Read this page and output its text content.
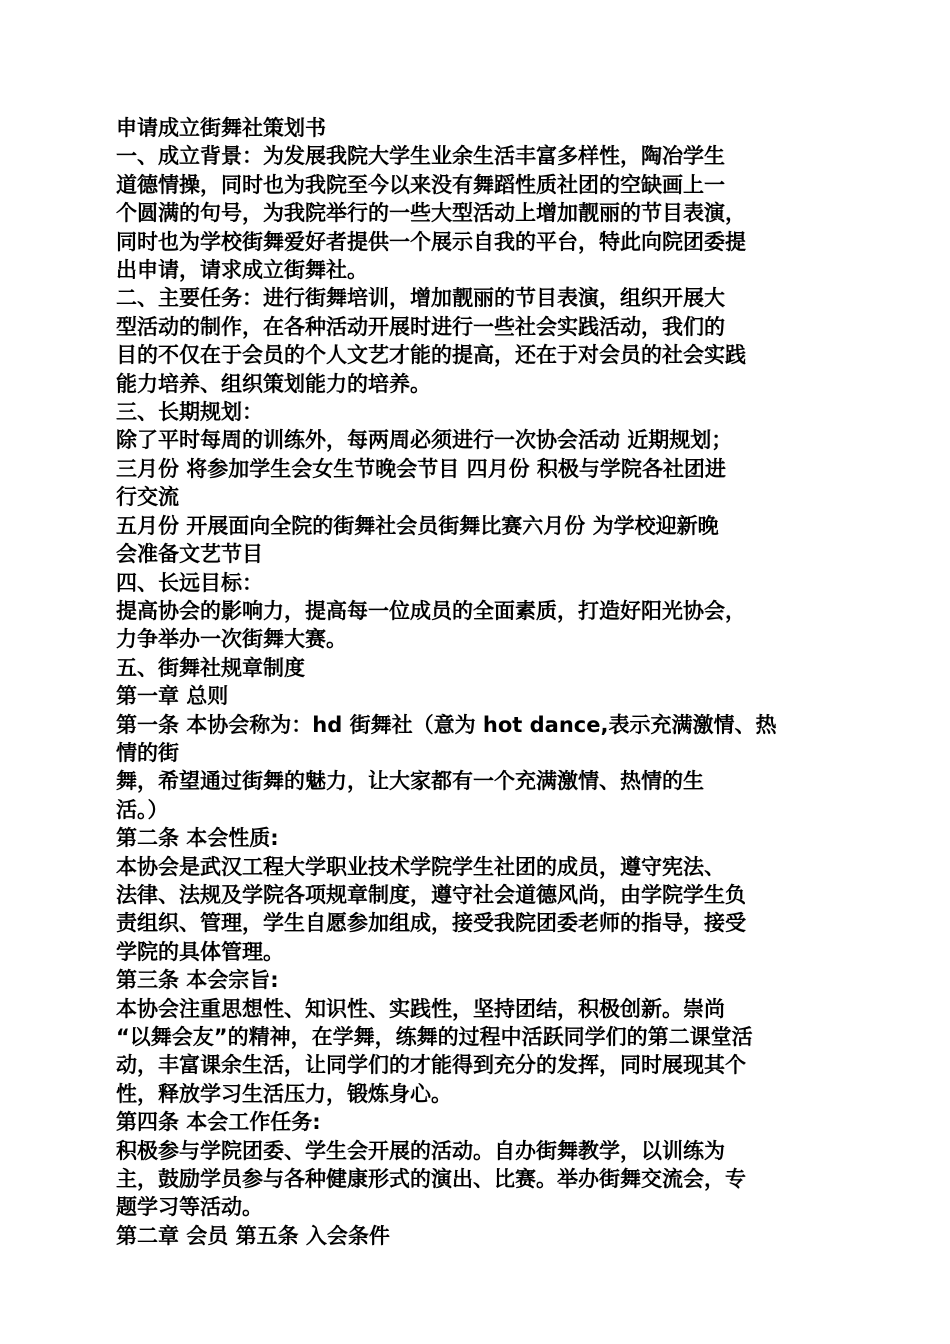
申请成立街舞社策划书
一、成立背景：为发展我院大学生业余生活丰富多样性，陶冶学生
道德情操，同时也为我院至今以来没有舞蹈性质社团的空缺画上一
个圆满的句号，为我院举行的一些大型活动上增加靓丽的节目表演，
同时也为学校街舞爱好者提供一个展示自我的平台，特此向院团委提
出申请，请求成立街舞社。
二、主要任务：进行街舞培训，增加靓丽的节目表演，组织开展大
型活动的制作，在各种活动开展时进行一些社会实践活动，我们的
目的不仅在于会员的个人文艺才能的提高，还在于对会员的社会实践
能力培养、组织策划能力的培养。
三、长期规划：
除了平时每周的训练外，每两周必须进行一次协会活动 近期规划；
三月份 将参加学生会女生节晚会节目 四月份 积极与学院各社团进
行交流
五月份 开展面向全院的街舞社会员街舞比赛六月份 为学校迎新晚
会准备文艺节目
四、长远目标：
提高协会的影响力，提高每一位成员的全面素质，打造好阳光协会，
力争举办一次街舞大赛。
五、街舞社规章制度
第一章 总则
第一条 本协会称为：hd 街舞社（意为 hot dance,表示充满激情、热
情的街
舞，希望通过街舞的魅力，让大家都有一个充满激情、热情的生
活。）
第二条 本会性质:
本协会是武汉工程大学职业技术学院学生社团的成员，遵守宪法、
法律、法规及学院各项规章制度，遵守社会道德风尚，由学院学生负
责组织、管理，学生自愿参加组成，接受我院团委老师的指导，接受
学院的具体管理。
第三条 本会宗旨:
本协会注重思想性、知识性、实践性，坚持团结，积极创新。崇尚
“以舞会友”的精神，在学舞，练舞的过程中活跃同学们的第二课堂活
动，丰富课余生活，让同学们的才能得到充分的发挥，同时展现其个
性，释放学习生活压力，锻炼身心。
第四条 本会工作任务:
积极参与学院团委、学生会开展的活动。自办街舞教学，以训练为
主，鼓励学员参与各种健康形式的演出、比赛。举办街舞交流会，专
题学习等活动。
第二章 会员 第五条 入会条件
